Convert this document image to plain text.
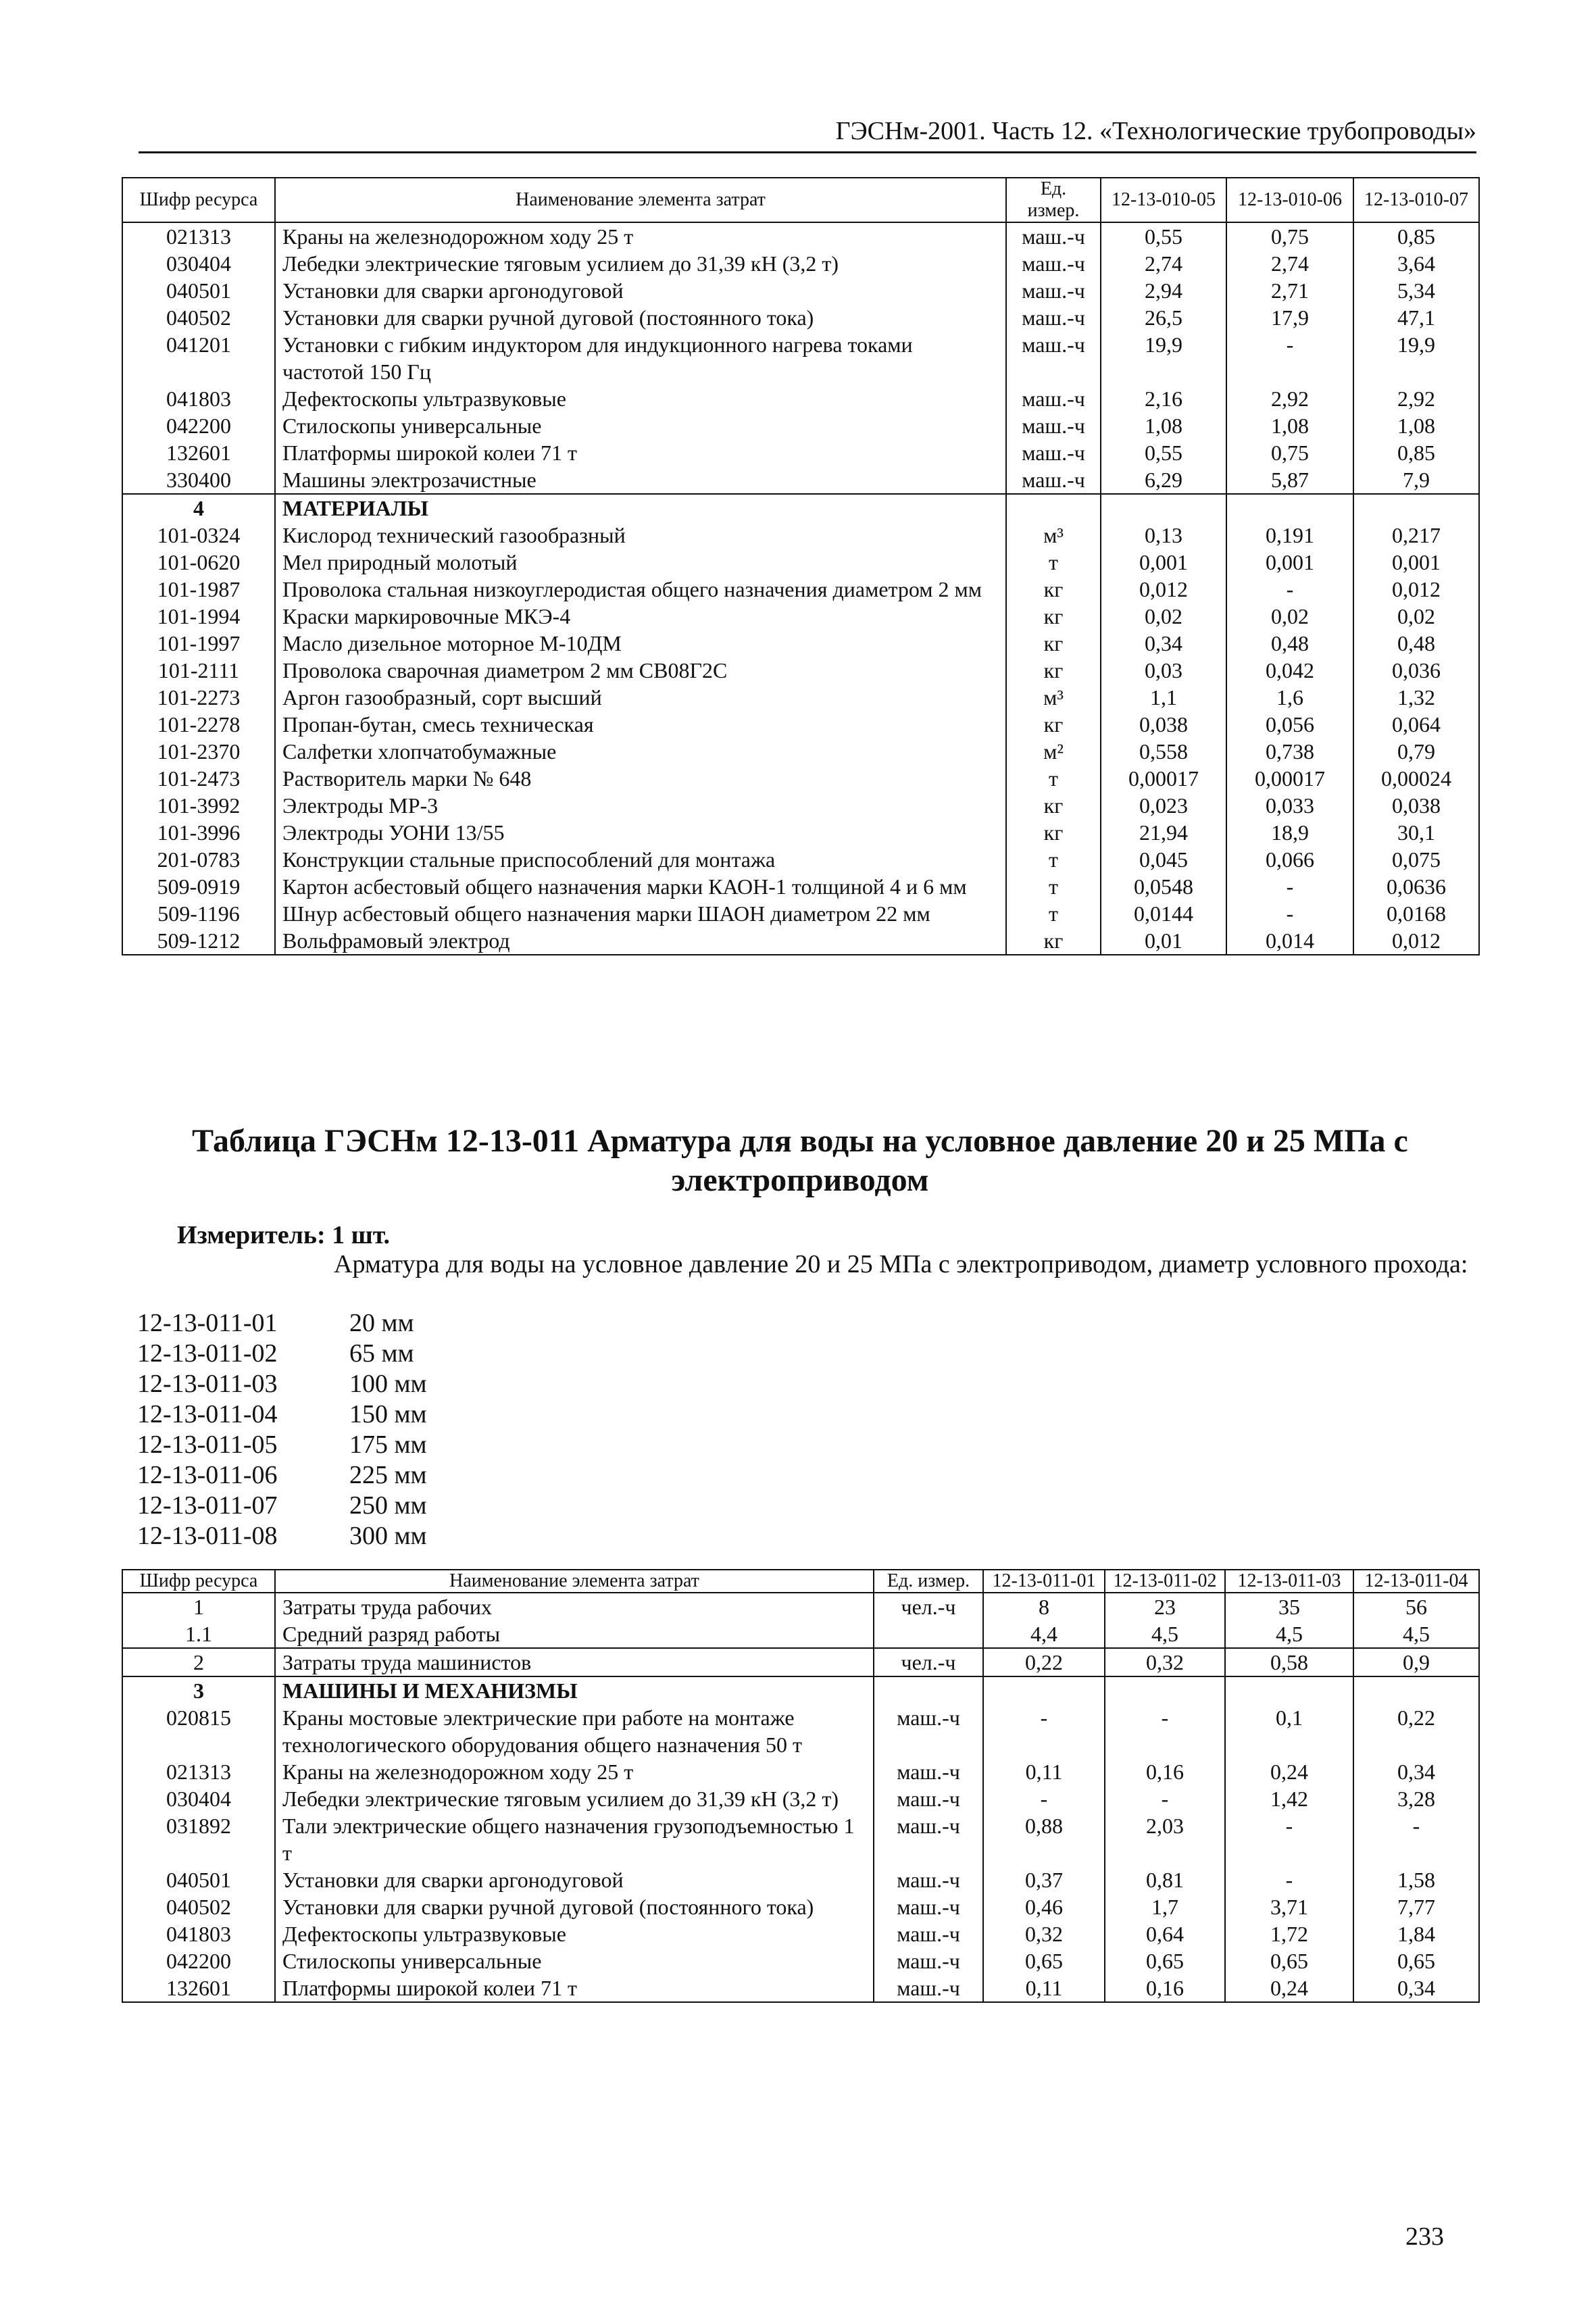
ГЭСНм-2001. Часть 12. «Технологические трубопроводы»
Шифр ресурса	Наименование элемента затрат	Ед. измер.	12-13-010-05	12-13-010-06	12-13-010-07
021313	Краны на железнодорожном ходу 25 т	маш.-ч	0,55	0,75	0,85
030404	Лебедки электрические тяговым усилием до 31,39 кН (3,2 т)	маш.-ч	2,74	2,74	3,64
040501	Установки для сварки аргонодуговой	маш.-ч	2,94	2,71	5,34
040502	Установки для сварки ручной дуговой (постоянного тока)	маш.-ч	26,5	17,9	47,1
041201	Установки с гибким индуктором для индукционного нагрева токами частотой 150 Гц	маш.-ч	19,9	-	19,9
041803	Дефектоскопы ультразвуковые	маш.-ч	2,16	2,92	2,92
042200	Стилоскопы универсальные	маш.-ч	1,08	1,08	1,08
132601	Платформы широкой колеи 71 т	маш.-ч	0,55	0,75	0,85
330400	Машины электрозачистные	маш.-ч	6,29	5,87	7,9
4	МАТЕРИАЛЫ				
101-0324	Кислород технический газообразный	м³	0,13	0,191	0,217
101-0620	Мел природный молотый	т	0,001	0,001	0,001
101-1987	Проволока стальная низкоуглеродистая общего назначения диаметром 2 мм	кг	0,012	-	0,012
101-1994	Краски маркировочные МКЭ-4	кг	0,02	0,02	0,02
101-1997	Масло дизельное моторное М-10ДМ	кг	0,34	0,48	0,48
101-2111	Проволока сварочная диаметром 2 мм СВ08Г2С	кг	0,03	0,042	0,036
101-2273	Аргон газообразный, сорт высший	м³	1,1	1,6	1,32
101-2278	Пропан-бутан, смесь техническая	кг	0,038	0,056	0,064
101-2370	Салфетки хлопчатобумажные	м²	0,558	0,738	0,79
101-2473	Растворитель марки № 648	т	0,00017	0,00017	0,00024
101-3992	Электроды МР-3	кг	0,023	0,033	0,038
101-3996	Электроды УОНИ 13/55	кг	21,94	18,9	30,1
201-0783	Конструкции стальные приспособлений для монтажа	т	0,045	0,066	0,075
509-0919	Картон асбестовый общего назначения марки КАОН-1 толщиной 4 и 6 мм	т	0,0548	-	0,0636
509-1196	Шнур асбестовый общего назначения марки ШАОН диаметром 22 мм	т	0,0144	-	0,0168
509-1212	Вольфрамовый электрод	кг	0,01	0,014	0,012
Таблица ГЭСНм 12-13-011 Арматура для воды на условное давление 20 и 25 МПа с электроприводом
Измеритель: 1 шт.
Арматура для воды на условное давление 20 и 25 МПа с электроприводом, диаметр условного прохода:
12-13-011-01	20 мм
12-13-011-02	65 мм
12-13-011-03	100 мм
12-13-011-04	150 мм
12-13-011-05	175 мм
12-13-011-06	225 мм
12-13-011-07	250 мм
12-13-011-08	300 мм
Шифр ресурса	Наименование элемента затрат	Ед. измер.	12-13-011-01	12-13-011-02	12-13-011-03	12-13-011-04
1	Затраты труда рабочих	чел.-ч	8	23	35	56
1.1	Средний разряд работы		4,4	4,5	4,5	4,5
2	Затраты труда машинистов	чел.-ч	0,22	0,32	0,58	0,9
3	МАШИНЫ И МЕХАНИЗМЫ					
020815	Краны мостовые электрические при работе на монтаже технологического оборудования общего назначения 50 т	маш.-ч	-	-	0,1	0,22
021313	Краны на железнодорожном ходу 25 т	маш.-ч	0,11	0,16	0,24	0,34
030404	Лебедки электрические тяговым усилием до 31,39 кН (3,2 т)	маш.-ч	-	-	1,42	3,28
031892	Тали электрические общего назначения грузоподъемностью 1 т	маш.-ч	0,88	2,03	-	-
040501	Установки для сварки аргонодуговой	маш.-ч	0,37	0,81	-	1,58
040502	Установки для сварки ручной дуговой (постоянного тока)	маш.-ч	0,46	1,7	3,71	7,77
041803	Дефектоскопы ультразвуковые	маш.-ч	0,32	0,64	1,72	1,84
042200	Стилоскопы универсальные	маш.-ч	0,65	0,65	0,65	0,65
132601	Платформы широкой колеи 71 т	маш.-ч	0,11	0,16	0,24	0,34
233
